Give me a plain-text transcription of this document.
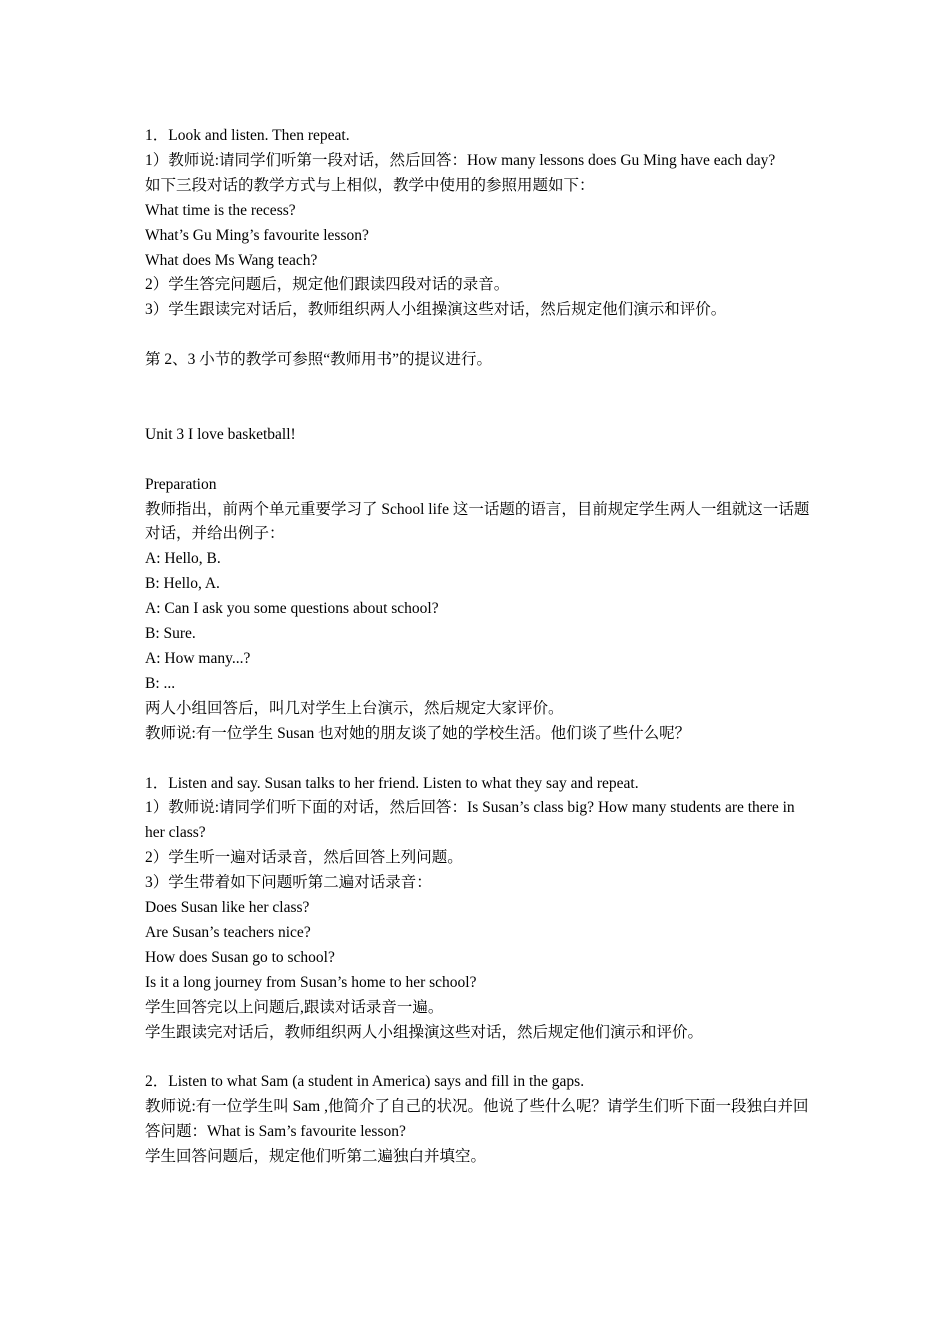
1．Look and listen. Then repeat.
1）教师说:请同学们听第一段对话，然后回答：How many lessons does Gu Ming have each day?
如下三段对话的教学方式与上相似，教学中使用的参照用题如下：
What time is the recess?
What’s Gu Ming’s favourite lesson?
What does Ms Wang teach?
2）学生答完问题后，规定他们跟读四段对话的录音。
3）学生跟读完对话后，教师组织两人小组操演这些对话，然后规定他们演示和评价。
第 2、3 小节的教学可参照“教师用书”的提议进行。
Unit 3 I love basketball!
Preparation
教师指出，前两个单元重要学习了 School life 这一话题的语言，目前规定学生两人一组就这一话题对话，并给出例子：
A: Hello, B.
B: Hello, A.
A: Can I ask you some questions about school?
B: Sure.
A: How many...?
B: ...
两人小组回答后，叫几对学生上台演示，然后规定大家评价。
教师说:有一位学生 Susan 也对她的朋友谈了她的学校生活。他们谈了些什么呢？
1．Listen and say. Susan talks to her friend. Listen to what they say and repeat.
1）教师说:请同学们听下面的对话，然后回答：Is Susan’s class big? How many students are there in her class?
2）学生听一遍对话录音，然后回答上列问题。
3）学生带着如下问题听第二遍对话录音：
Does Susan like her class?
Are Susan’s teachers nice?
How does Susan go to school?
Is it a long journey from Susan’s home to her school?
学生回答完以上问题后,跟读对话录音一遍。
学生跟读完对话后，教师组织两人小组操演这些对话，然后规定他们演示和评价。
2．Listen to what Sam (a student in America) says and fill in the gaps.
教师说:有一位学生叫 Sam ,他简介了自己的状况。他说了些什么呢？请学生们听下面一段独白并回答问题：What is Sam’s favourite lesson?
学生回答问题后，规定他们听第二遍独白并填空。
